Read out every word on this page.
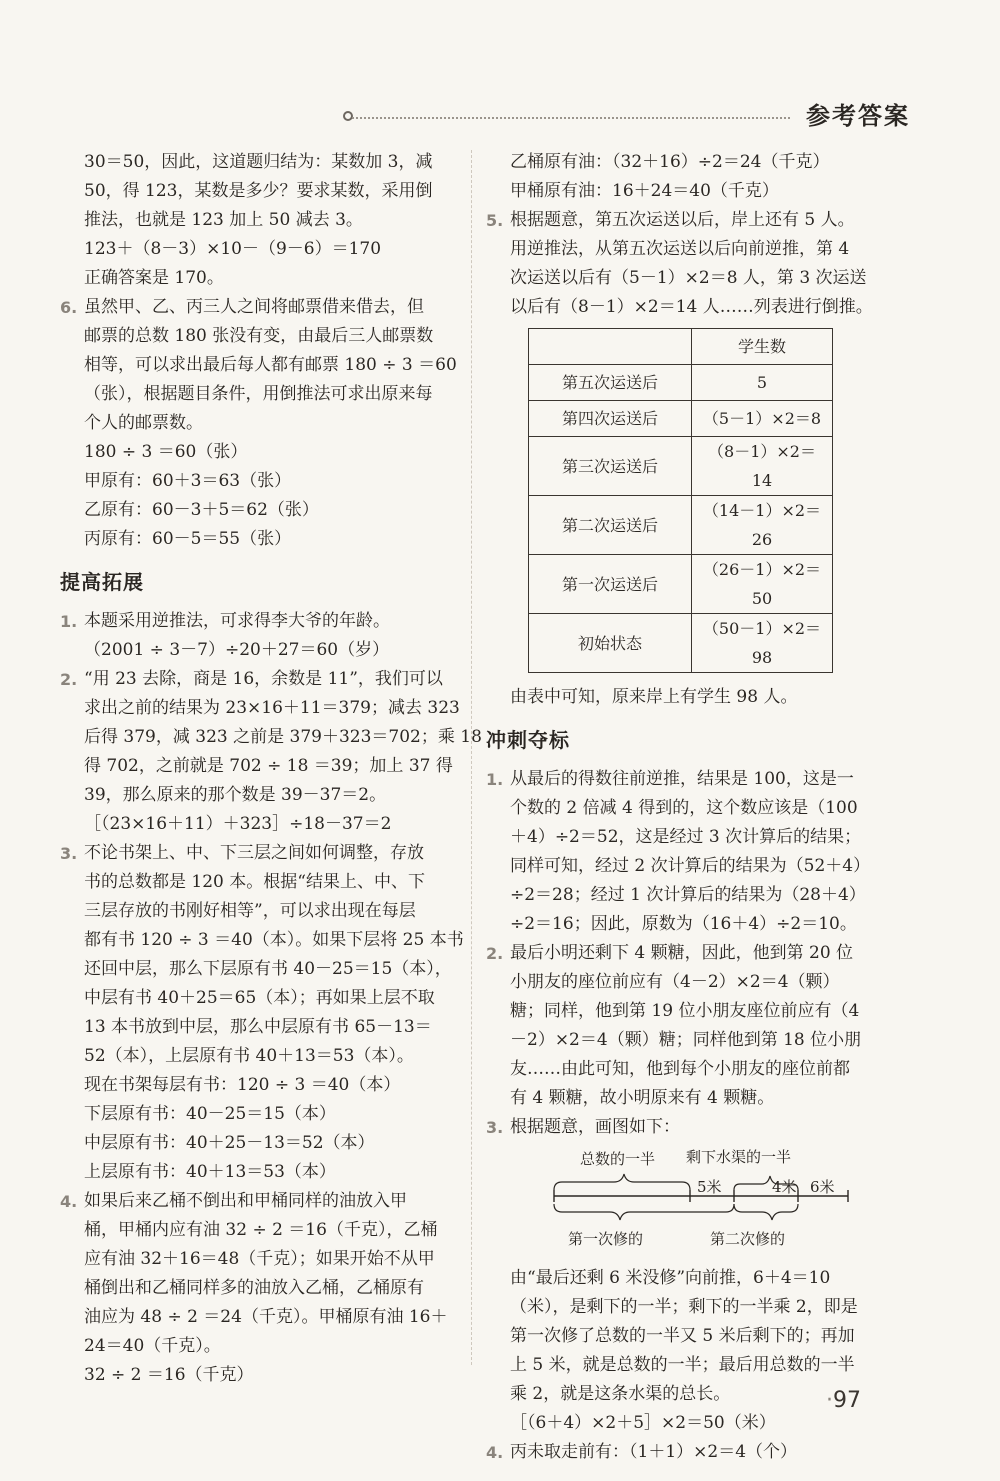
参考答案
30＝50，因此，这道题归结为：某数加 3，减
50，得 123，某数是多少？要求某数，采用倒
推法，也就是 123 加上 50 减去 3。
123＋（8－3）×10－（9－6）＝170
正确答案是 170。
6. 虽然甲、乙、丙三人之间将邮票借来借去，但
邮票的总数 180 张没有变，由最后三人邮票数
相等，可以求出最后每人都有邮票 180 ÷ 3 ＝60
（张），根据题目条件，用倒推法可求出原来每
个人的邮票数。
180 ÷ 3 ＝60（张）
甲原有：60＋3＝63（张）
乙原有：60－3＋5＝62（张）
丙原有：60－5＝55（张）
提高拓展
1. 本题采用逆推法，可求得李大爷的年龄。
（2001 ÷ 3－7）÷20＋27＝60（岁）
2. “用 23 去除，商是 16，余数是 11”，我们可以
求出之前的结果为 23×16＋11＝379；减去 323
后得 379，减 323 之前是 379＋323＝702；乘 18
得 702，之前就是 702 ÷ 18 ＝39；加上 37 得
39，那么原来的那个数是 39－37＝2。
［（23×16＋11）＋323］÷18－37＝2
3. 不论书架上、中、下三层之间如何调整，存放
书的总数都是 120 本。根据“结果上、中、下
三层存放的书刚好相等”，可以求出现在每层
都有书 120 ÷ 3 ＝40（本）。如果下层将 25 本书
还回中层，那么下层原有书 40－25＝15（本），
中层有书 40＋25＝65（本）；再如果上层不取
13 本书放到中层，那么中层原有书 65－13＝
52（本），上层原有书 40＋13＝53（本）。
现在书架每层有书：120 ÷ 3 ＝40（本）
下层原有书：40－25＝15（本）
中层原有书：40＋25－13＝52（本）
上层原有书：40＋13＝53（本）
4. 如果后来乙桶不倒出和甲桶同样的油放入甲
桶，甲桶内应有油 32 ÷ 2 ＝16（千克），乙桶
应有油 32＋16＝48（千克）；如果开始不从甲
桶倒出和乙桶同样多的油放入乙桶，乙桶原有
油应为 48 ÷ 2 ＝24（千克）。甲桶原有油 16＋
24＝40（千克）。
32 ÷ 2 ＝16（千克）
乙桶原有油：（32＋16）÷2＝24（千克）
甲桶原有油：16＋24＝40（千克）
5. 根据题意，第五次运送以后，岸上还有 5 人。
用逆推法，从第五次运送以后向前逆推，第 4
次运送以后有（5－1）×2＝8 人，第 3 次运送
以后有（8－1）×2＝14 人……列表进行倒推。
	学生数
第五次运送后	5
第四次运送后	（5－1）×2＝8
第三次运送后	（8－1）×2＝14
第二次运送后	（14－1）×2＝26
第一次运送后	（26－1）×2＝50
初始状态	（50－1）×2＝98
由表中可知，原来岸上有学生 98 人。
冲刺夺标
1. 从最后的得数往前逆推，结果是 100，这是一
个数的 2 倍减 4 得到的，这个数应该是（100
＋4）÷2＝52，这是经过 3 次计算后的结果；
同样可知，经过 2 次计算后的结果为（52＋4）
÷2＝28；经过 1 次计算后的结果为（28＋4）
÷2＝16；因此，原数为（16＋4）÷2＝10。
2. 最后小明还剩下 4 颗糖，因此，他到第 20 位
小朋友的座位前应有（4－2）×2＝4（颗）
糖；同样，他到第 19 位小朋友座位前应有（4
－2）×2＝4（颗）糖；同样他到第 18 位小朋
友……由此可知，他到每个小朋友的座位前都
有 4 颗糖，故小明原来有 4 颗糖。
3. 根据题意，画图如下：
总数的一半 剩下水渠的一半
5米	4米 6米
第一次修的	第二次修的
由“最后还剩 6 米没修”向前推，6＋4＝10
（米），是剩下的一半；剩下的一半乘 2，即是
第一次修了总数的一半又 5 米后剩下的；再加
上 5 米，就是总数的一半；最后用总数的一半
乘 2，就是这条水渠的总长。
［（6＋4）×2＋5］×2＝50（米）
4. 丙未取走前有：（1＋1）×2＝4（个）
·97
